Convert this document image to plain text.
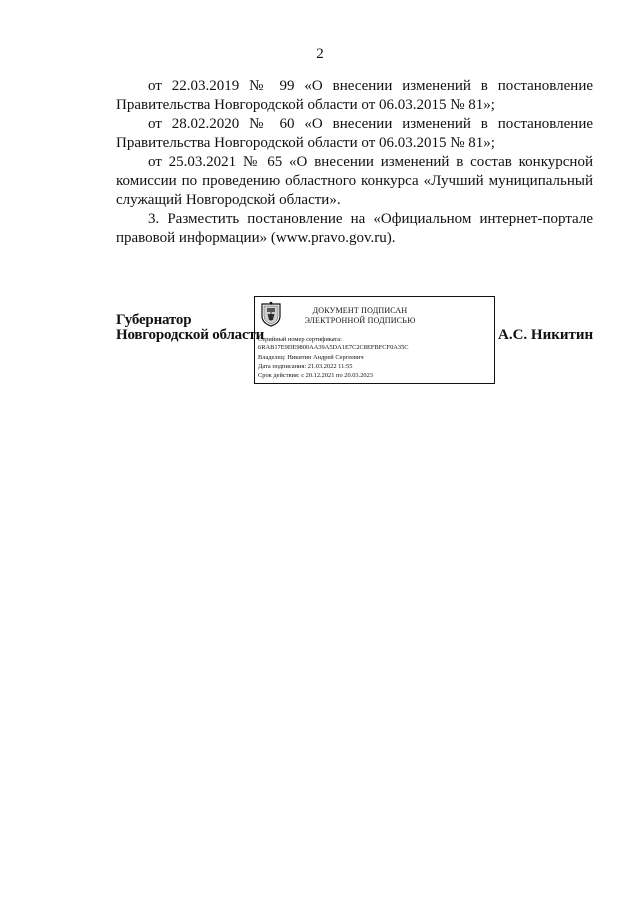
2
от 22.03.2019 № 99 «О внесении изменений в постановление
Правительства Новгородской области от 06.03.2015 № 81»;
от 28.02.2020 № 60 «О внесении изменений в постановление
Правительства Новгородской области от 06.03.2015 № 81»;
от 25.03.2021 № 65 «О внесении изменений в состав конкурсной
комиссии по проведению областного конкурса «Лучший муниципальный служащий Новгородской области».
3. Разместить постановление на «Официальном интернет-портале
правовой информации» (www.pravo.gov.ru).
Губернатор
Новгородской области
ДОКУМЕНТ ПОДПИСАН
ЭЛЕКТРОННОЙ ПОДПИСЬЮ
Серийный номер сертификата:
6RAB17E9DE9800AA39A5DA1E7C2C8EFBFCF0A35C
Владелец: Никитин Андрей Сергеевич
Дата подписания: 21.03.2022 11:55
Срок действия: с 20.12.2021 по 20.03.2023
А.С. Никитин
